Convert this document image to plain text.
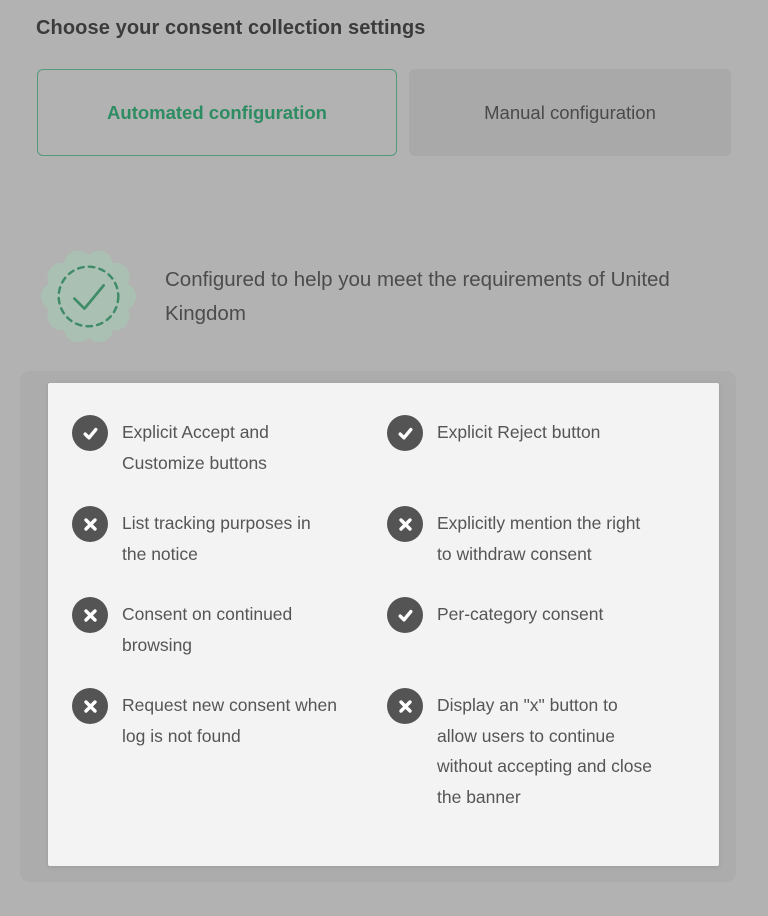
Choose your consent collection settings
Automated configuration	Manual configuration
Configured to help you meet the requirements of United Kingdom
Explicit Accept and Customize buttons
Explicit Reject button
List tracking purposes in the notice
Explicitly mention the right to withdraw consent
Consent on continued browsing
Per-category consent
Request new consent when log is not found
Display an "x" button to allow users to continue without accepting and close the banner
